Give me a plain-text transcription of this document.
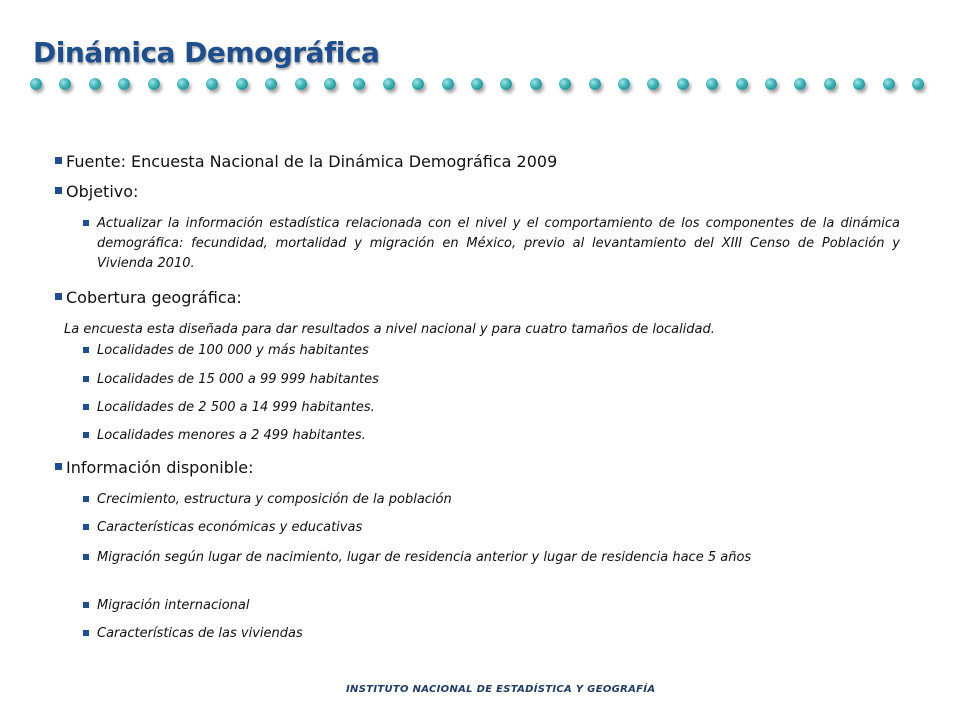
Dinámica Demográfica
Fuente: Encuesta Nacional de la Dinámica Demográfica 2009
Objetivo:
Actualizar la información estadística relacionada con el nivel y el comportamiento de los componentes de la dinámica demográfica: fecundidad, mortalidad y migración en México, previo al levantamiento del XIII Censo de Población y Vivienda 2010.
Cobertura geográfica:
La encuesta esta diseñada para dar resultados a nivel nacional y para cuatro tamaños de localidad.
Localidades de 100 000 y más habitantes
Localidades de 15 000 a 99 999 habitantes
Localidades de 2 500 a 14 999 habitantes.
Localidades menores a 2 499 habitantes.
Información disponible:
Crecimiento, estructura y composición de la población
Características económicas y educativas
Migración según lugar de nacimiento, lugar de residencia anterior y lugar de residencia hace 5 años
Migración internacional
Características de las viviendas
INSTITUTO NACIONAL DE ESTADÍSTICA Y GEOGRAFÍA
